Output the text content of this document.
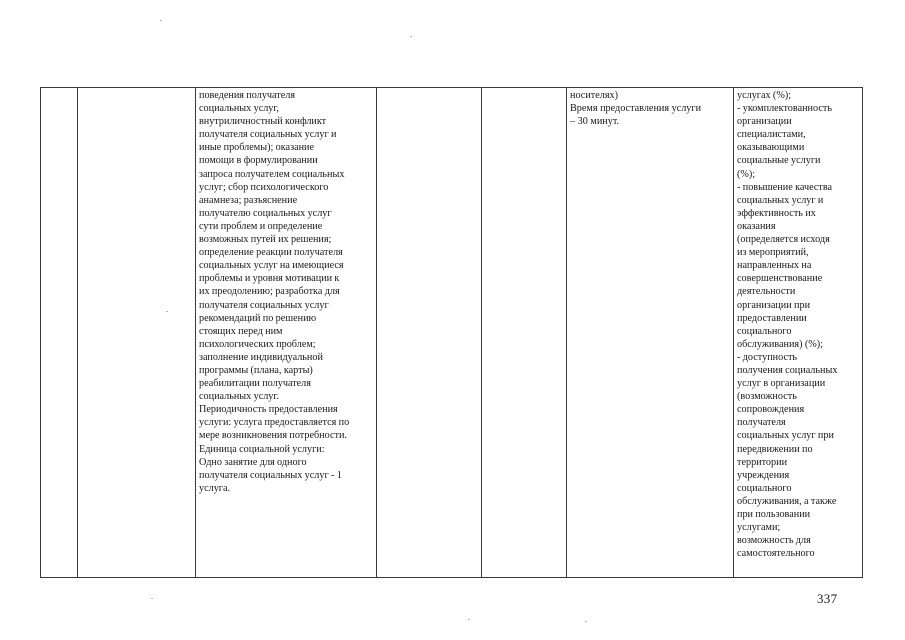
поведения получателя
социальных услуг,
внутриличностный конфликт
получателя социальных услуг и
иные проблемы); оказание
помощи в формулировании
запроса получателем социальных
услуг; сбор психологического
анамнеза; разъяснение
получателю социальных услуг
сути проблем и определение
возможных путей их решения;
определение реакции получателя
социальных услуг на имеющиеся
проблемы и уровня мотивации к
их преодолению; разработка для
получателя социальных услуг
рекомендаций по решению
стоящих перед ним
психологических проблем;
заполнение индивидуальной
программы (плана, карты)
реабилитации получателя
социальных услуг.
Периодичность предоставления
услуги: услуга предоставляется по
мере возникновения потребности.
Единица социальной услуги:
Одно занятие для одного
получателя социальных услуг - 1
услуга.

носителях)
Время предоставления услуги
– 30 минут.

услугах (%);
- укомплектованность
организации
специалистами,
оказывающими
социальные услуги
(%);
- повышение качества
социальных услуг и
эффективность их
оказания
(определяется исходя
из мероприятий,
направленных на
совершенствование
деятельности
организации при
предоставлении
социального
обслуживания) (%);
- доступность
получения социальных
услуг в организации
(возможность
сопровождения
получателя
социальных услуг при
передвижении по
территории
учреждения
социального
обслуживания, а также
при пользовании
услугами;
возможность для
самостоятельного
337
